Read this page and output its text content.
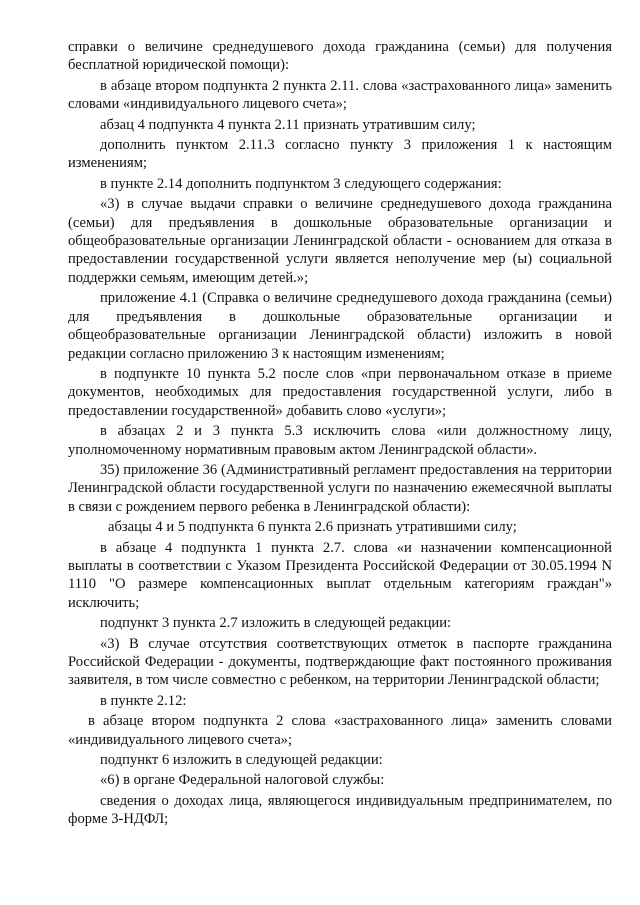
справки о величине среднедушевого дохода гражданина (семьи) для получения бесплатной юридической помощи):

в абзаце втором подпункта 2 пункта 2.11. слова «застрахованного лица» заменить словами «индивидуального лицевого счета»;

абзац 4 подпункта 4 пункта 2.11 признать утратившим силу;

дополнить пунктом 2.11.3 согласно пункту 3 приложения 1 к настоящим изменениям;

в пункте 2.14 дополнить подпунктом 3 следующего содержания:

«3) в случае выдачи справки о величине среднедушевого дохода гражданина (семьи) для предъявления в дошкольные образовательные организации и общеобразовательные организации Ленинградской области - основанием для отказа в предоставлении государственной услуги является неполучение мер (ы) социальной поддержки семьям, имеющим детей.»;

приложение 4.1 (Справка о величине среднедушевого дохода гражданина (семьи) для предъявления в дошкольные образовательные организации и общеобразовательные организации Ленинградской области) изложить в новой редакции согласно приложению 3 к настоящим изменениям;

в подпункте 10 пункта 5.2 после слов «при первоначальном отказе в приеме документов, необходимых для предоставления государственной услуги, либо в предоставлении государственной» добавить слово «услуги»;

в абзацах 2 и 3 пункта 5.3 исключить слова «или должностному лицу, уполномоченному нормативным правовым актом Ленинградской области».

35) приложение 36 (Административный регламент предоставления на территории Ленинградской области государственной услуги по назначению ежемесячной выплаты в связи с рождением первого ребенка в Ленинградской области):

абзацы 4 и 5 подпункта 6 пункта 2.6 признать утратившими силу;

в абзаце 4 подпункта 1 пункта 2.7. слова «и назначении компенсационной выплаты в соответствии с Указом Президента Российской Федерации от 30.05.1994 N 1110 "О размере компенсационных выплат отдельным категориям граждан"» исключить;

подпункт 3 пункта 2.7 изложить в следующей редакции:

«3) В случае отсутствия соответствующих отметок в паспорте гражданина Российской Федерации - документы, подтверждающие факт постоянного проживания заявителя, в том числе совместно с ребенком, на территории Ленинградской области;

в пункте 2.12:

в абзаце втором подпункта 2 слова «застрахованного лица» заменить словами «индивидуального лицевого счета»;

подпункт 6 изложить в следующей редакции:

«6) в органе Федеральной налоговой службы:

сведения о доходах лица, являющегося индивидуальным предпринимателем, по форме 3-НДФЛ;
